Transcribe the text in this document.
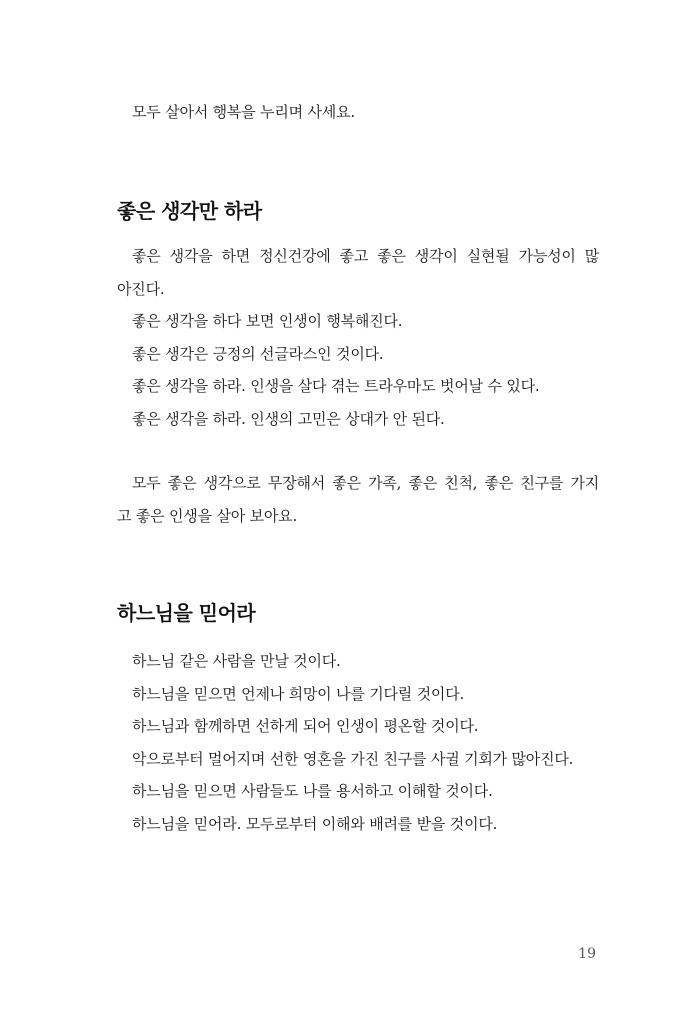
모두 살아서 행복을 누리며 사세요.
좋은 생각만 하라
좋은 생각을 하면 정신건강에 좋고 좋은 생각이 실현될 가능성이 많
아진다.
좋은 생각을 하다 보면 인생이 행복해진다.
좋은 생각은 긍정의 선글라스인 것이다.
좋은 생각을 하라. 인생을 살다 겪는 트라우마도 벗어날 수 있다.
좋은 생각을 하라. 인생의 고민은 상대가 안 된다.
모두 좋은 생각으로 무장해서 좋은 가족, 좋은 친척, 좋은 친구를 가지
고 좋은 인생을 살아 보아요.
하느님을 믿어라
하느님 같은 사람을 만날 것이다.
하느님을 믿으면 언제나 희망이 나를 기다릴 것이다.
하느님과 함께하면 선하게 되어 인생이 평온할 것이다.
악으로부터 멀어지며 선한 영혼을 가진 친구를 사귈 기회가 많아진다.
하느님을 믿으면 사람들도 나를 용서하고 이해할 것이다.
하느님을 믿어라. 모두로부터 이해와 배려를 받을 것이다.
19
